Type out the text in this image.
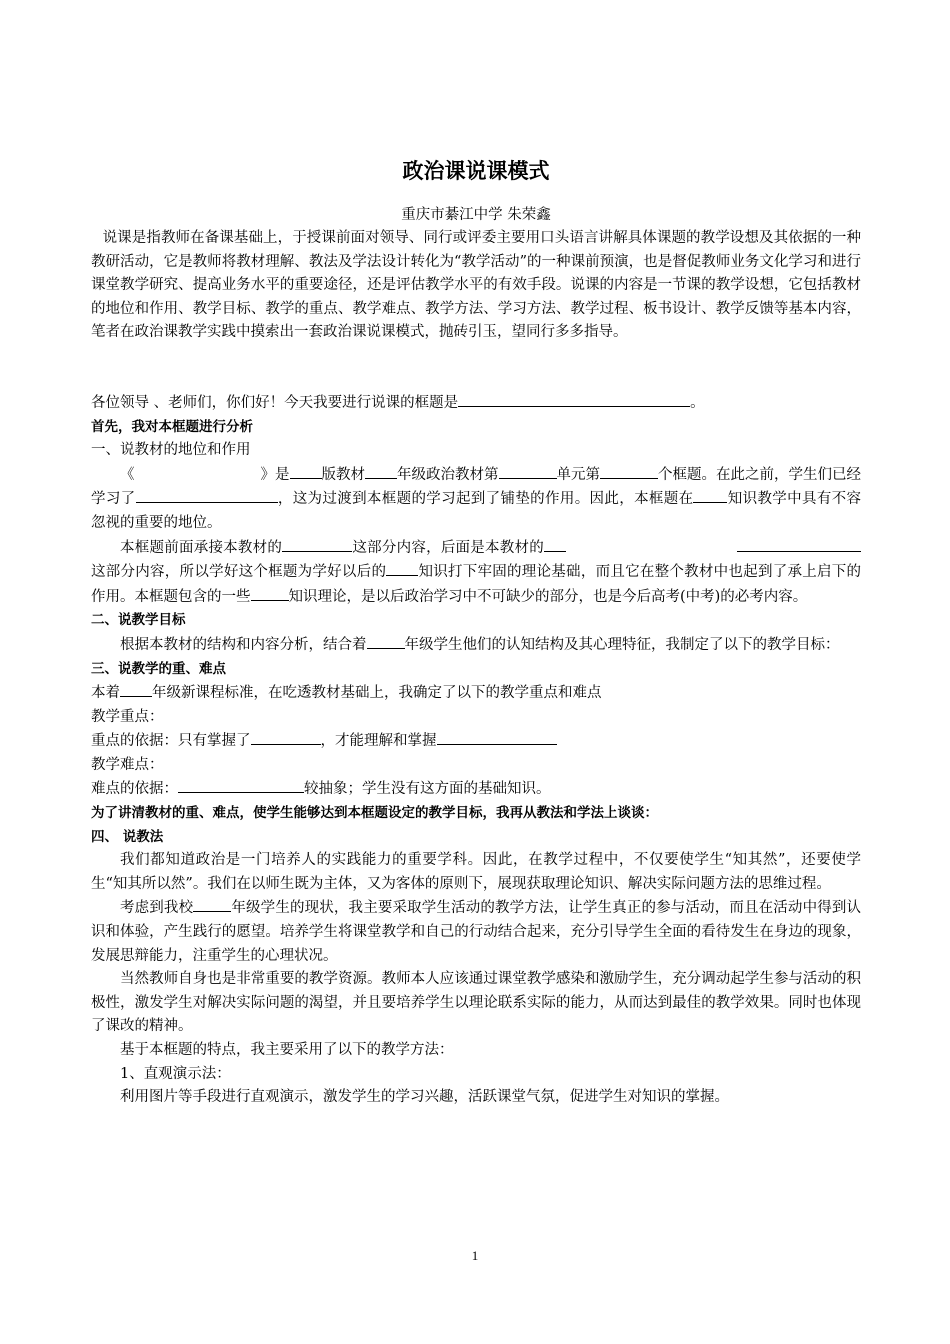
政治课说课模式
重庆市綦江中学 朱荣鑫

说课是指教师在备课基础上，于授课前面对领导、同行或评委主要用口头语言讲解具体课题的教学设想及其依据的一种教研活动，它是教师将教材理解、教法及学法设计转化为“教学活动”的一种课前预演，也是督促教师业务文化学习和进行课堂教学研究、提高业务水平的重要途径，还是评估教学水平的有效手段。说课的内容是一节课的教学设想，它包括教材的地位和作用、教学目标、教学的重点、教学难点、教学方法、学习方法、教学过程、板书设计、教学反馈等基本内容，笔者在政治课教学实践中摸索出一套政治课说课模式，抛砖引玉，望同行多多指导。

各位领导 、老师们，你们好！今天我要进行说课的框题是	。

首先，我对本框题进行分析

一、说教材的地位和作用

《	》是 版教材 年级政治教材第	单元第	个框题。在此之前，学生们已经学习了	，这为过渡到本框题的学习起到了铺垫的作用。因此，本框题在 知识教学中具有不容忽视的重要的地位。

本框题前面承接本教材的	这部分内容，后面是本教材的这部分内容，所以学好这个框题为学好以后的 知识打下牢固的理论基础，而且它在整个教材中也起到了承上启下的作用。本框题包含的一些	知识理论，是以后政治学习中不可缺少的部分，也是今后高考(中考)的必考内容。

二、说教学目标

根据本教材的结构和内容分析，结合着	年级学生他们的认知结构及其心理特征，我制定了以下的教学目标：

三、说教学的重、难点

本着 年级新课程标准，在吃透教材基础上，我确定了以下的教学重点和难点

教学重点：

重点的依据：只有掌握了	，才能理解和掌握

教学难点：

难点的依据：	较抽象；学生没有这方面的基础知识。

为了讲清教材的重、难点，使学生能够达到本框题设定的教学目标，我再从教法和学法上谈谈：

四、 说教法

我们都知道政治是一门培养人的实践能力的重要学科。因此，在教学过程中，不仅要使学生“知其然”，还要使学生“知其所以然”。我们在以师生既为主体，又为客体的原则下，展现获取理论知识、解决实际问题方法的思维过程。

考虑到我校	年级学生的现状，我主要采取学生活动的教学方法，让学生真正的参与活动，而且在活动中得到认识和体验，产生践行的愿望。培养学生将课堂教学和自己的行动结合起来，充分引导学生全面的看待发生在身边的现象，发展思辩能力，注重学生的心理状况。

当然教师自身也是非常重要的教学资源。教师本人应该通过课堂教学感染和激励学生，充分调动起学生参与活动的积极性，激发学生对解决实际问题的渴望，并且要培养学生以理论联系实际的能力，从而达到最佳的教学效果。同时也体现了课改的精神。

基于本框题的特点，我主要采用了以下的教学方法：

1、直观演示法：

利用图片等手段进行直观演示，激发学生的学习兴趣，活跃课堂气氛，促进学生对知识的掌握。

1
